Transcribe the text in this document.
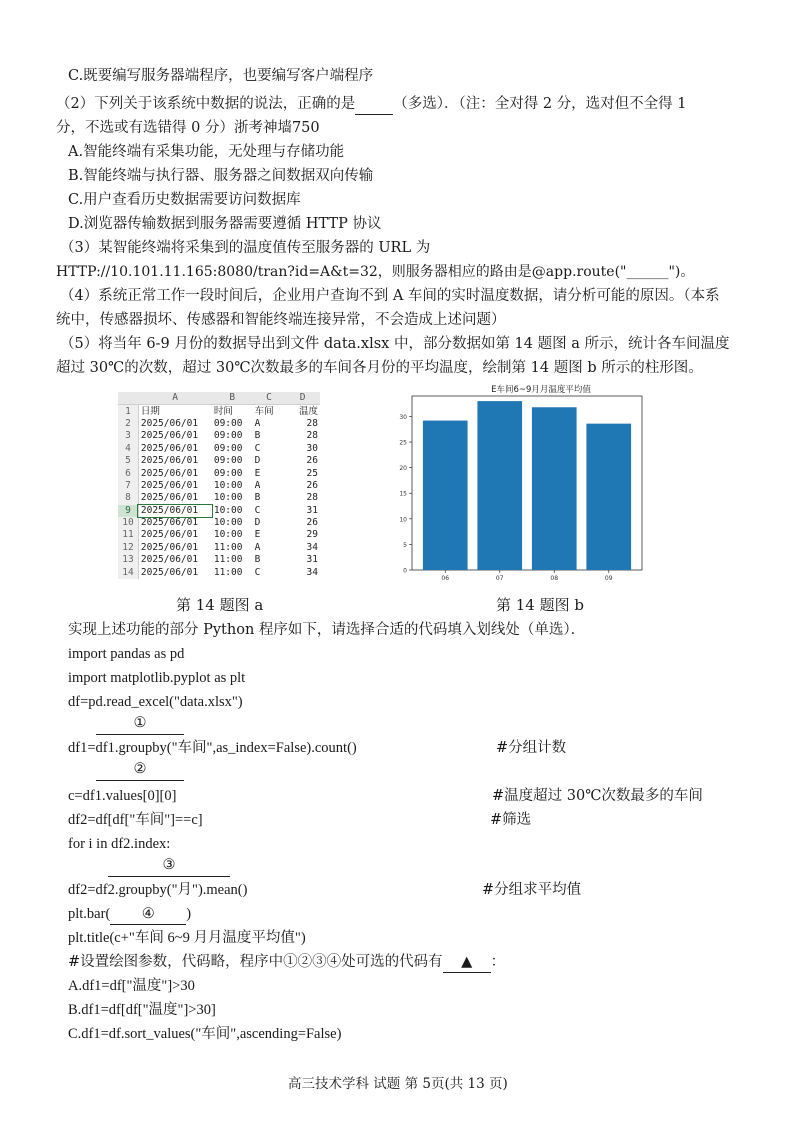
C.既要编写服务器端程序，也要编写客户端程序
（2）下列关于该系统中数据的说法，正确的是	（多选）．（注：全对得 2 分，选对但不全得 1
分，不选或有选错得 0 分）浙考神墙750
A.智能终端有采集功能，无处理与存储功能
B.智能终端与执行器、服务器之间数据双向传输
C.用户查看历史数据需要访问数据库
D.浏览器传输数据到服务器需要遵循 HTTP 协议
（3）某智能终端将采集到的温度值传至服务器的 URL 为
HTTP://10.101.11.165:8080/tran?id=A&t=32，则服务器相应的路由是@app.route("______")。
（4）系统正常工作一段时间后，企业用户查询不到 A 车间的实时温度数据，请分析可能的原因。（本系
统中，传感器损坏、传感器和智能终端连接异常，不会造成上述问题）
（5）将当年 6-9 月份的数据导出到文件 data.xlsx 中，部分数据如第 14 题图 a 所示，统计各车间温度
超过 30℃的次数，超过 30℃次数最多的车间各月份的平均温度，绘制第 14 题图 b 所示的柱形图。
	A	B	C	D
1	日期	时间	车间	温度
2	2025/06/01	09:00	A	28
3	2025/06/01	09:00	B	28
4	2025/06/01	09:00	C	30
5	2025/06/01	09:00	D	26
6	2025/06/01	09:00	E	25
7	2025/06/01	10:00	A	26
8	2025/06/01	10:00	B	28
9	2025/06/01	10:00	C	31
10	2025/06/01	10:00	D	26
11	2025/06/01	10:00	E	29
12	2025/06/01	11:00	A	34
13	2025/06/01	11:00	B	31
14	2025/06/01	11:00	C	34
E车间6~9月月温度平均值
0
5
10
15
20
25
30
06	07	08	09
第 14 题图 a	第 14 题图 b
实现上述功能的部分 Python 程序如下，请选择合适的代码填入划线处（单选）．
import pandas as pd
import matplotlib.pyplot as plt
df=pd.read_excel("data.xlsx")
①
df1=df1.groupby("车间",as_index=False).count()	#分组计数
②
c=df1.values[0][0]	#温度超过 30℃次数最多的车间
df2=df[df["车间"]==c]	#筛选
for i in df2.index:
③
df2=df2.groupby("月").mean()	#分组求平均值
plt.bar( ④ )
plt.title(c+"车间 6~9 月月温度平均值")
#设置绘图参数，代码略，程序中①②③④处可选的代码有 ▲ ：
A.df1=df["温度"]>30
B.df1=df[df["温度"]>30]
C.df1=df.sort_values("车间",ascending=False)
高三技术学科 试题 第 5页(共 13 页)
